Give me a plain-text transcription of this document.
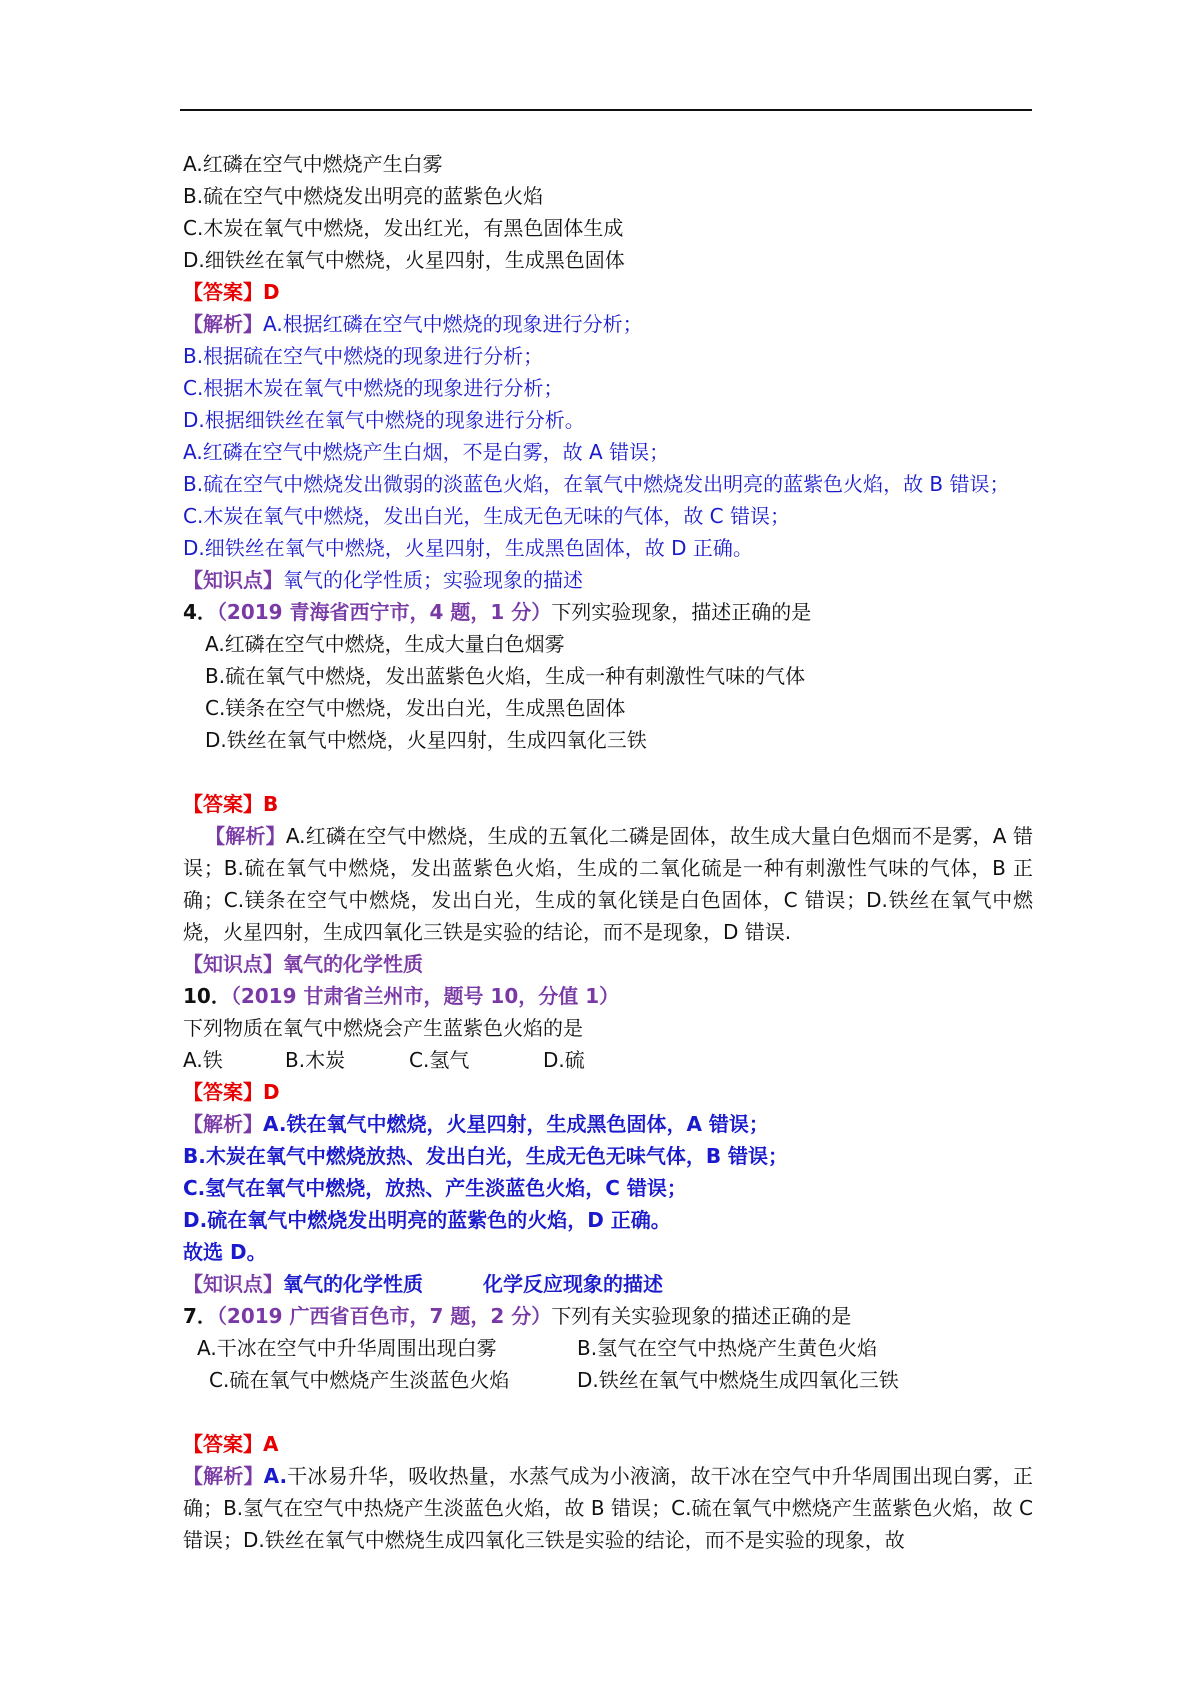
A.红磷在空气中燃烧产生白雾
B.硫在空气中燃烧发出明亮的蓝紫色火焰
C.木炭在氧气中燃烧，发出红光，有黑色固体生成
D.细铁丝在氧气中燃烧，火星四射，生成黑色固体
【答案】D
【解析】A.根据红磷在空气中燃烧的现象进行分析；
B.根据硫在空气中燃烧的现象进行分析；
C.根据木炭在氧气中燃烧的现象进行分析；
D.根据细铁丝在氧气中燃烧的现象进行分析。
A.红磷在空气中燃烧产生白烟，不是白雾，故 A 错误；
B.硫在空气中燃烧发出微弱的淡蓝色火焰，在氧气中燃烧发出明亮的蓝紫色火焰，故 B 错误；
C.木炭在氧气中燃烧，发出白光，生成无色无味的气体，故 C 错误；
D.细铁丝在氧气中燃烧，火星四射，生成黑色固体，故 D 正确。
【知识点】氧气的化学性质；实验现象的描述
4．（2019 青海省西宁市，4 题，1 分）下列实验现象，描述正确的是
A.红磷在空气中燃烧，生成大量白色烟雾
B.硫在氧气中燃烧，发出蓝紫色火焰，生成一种有刺激性气味的气体
C.镁条在空气中燃烧，发出白光，生成黑色固体
D.铁丝在氧气中燃烧，火星四射，生成四氧化三铁
【答案】B
【解析】A.红磷在空气中燃烧，生成的五氧化二磷是固体，故生成大量白色烟而不是雾，A 错误；B.硫在氧气中燃烧，发出蓝紫色火焰，生成的二氧化硫是一种有刺激性气味的气体，B 正确；C.镁条在空气中燃烧，发出白光，生成的氧化镁是白色固体，C 错误；D.铁丝在氧气中燃烧，火星四射，生成四氧化三铁是实验的结论，而不是现象，D 错误.
【知识点】氧气的化学性质
10．（2019 甘肃省兰州市，题号 10，分值 1）
下列物质在氧气中燃烧会产生蓝紫色火焰的是
A.铁	B.木炭	C.氢气	D.硫
【答案】D
【解析】A.铁在氧气中燃烧，火星四射，生成黑色固体，A 错误；
B.木炭在氧气中燃烧放热、发出白光，生成无色无味气体，B 错误；
C.氢气在氧气中燃烧，放热、产生淡蓝色火焰，C 错误；
D.硫在氧气中燃烧发出明亮的蓝紫色的火焰，D 正确。
故选 D。
【知识点】氧气的化学性质　　　化学反应现象的描述
7．（2019 广西省百色市，7 题，2 分）下列有关实验现象的描述正确的是
A.干冰在空气中升华周围出现白雾	B.氢气在空气中热烧产生黄色火焰
C.硫在氧气中燃烧产生淡蓝色火焰	D.铁丝在氧气中燃烧生成四氧化三铁
【答案】A
【解析】A.干冰易升华，吸收热量，水蒸气成为小液滴，故干冰在空气中升华周围出现白雾，正确；B.氢气在空气中热烧产生淡蓝色火焰，故 B 错误；C.硫在氧气中燃烧产生蓝紫色火焰，故 C 错误；D.铁丝在氧气中燃烧生成四氧化三铁是实验的结论，而不是实验的现象，故
